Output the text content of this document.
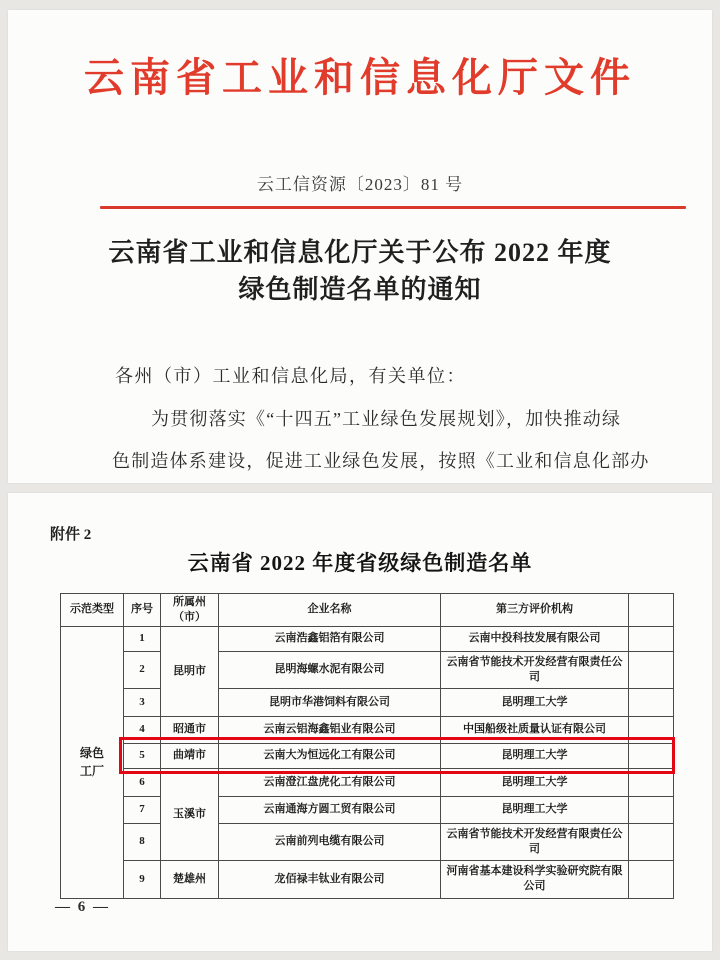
云南省工业和信息化厅文件
云工信资源〔2023〕81 号
云南省工业和信息化厅关于公布 2022 年度
绿色制造名单的通知
各州（市）工业和信息化局，有关单位：
为贯彻落实《“十四五”工业绿色发展规划》，加快推动绿
色制造体系建设，促进工业绿色发展，按照《工业和信息化部办
附件 2
云南省 2022 年度省级绿色制造名单
示范类型	序号	所属州（市）	企业名称	第三方评价机构	

绿色
工厂	1	昆明市	云南浩鑫铝箔有限公司	云南中投科技发展有限公司	
	2		昆明海螺水泥有限公司	云南省节能技术开发经营有限责任公司	
	3		昆明市华港饲料有限公司	昆明理工大学	
	4	昭通市	云南云铝海鑫铝业有限公司	中国船级社质量认证有限公司	
	5	曲靖市	云南大为恒远化工有限公司	昆明理工大学	
	6	玉溪市	云南澄江盘虎化工有限公司	昆明理工大学	
	7		云南通海方圆工贸有限公司	昆明理工大学	
	8		云南前列电缆有限公司	云南省节能技术开发经营有限责任公司	
	9	楚雄州	龙佰禄丰钛业有限公司	河南省基本建设科学实验研究院有限公司	
— 6 —
